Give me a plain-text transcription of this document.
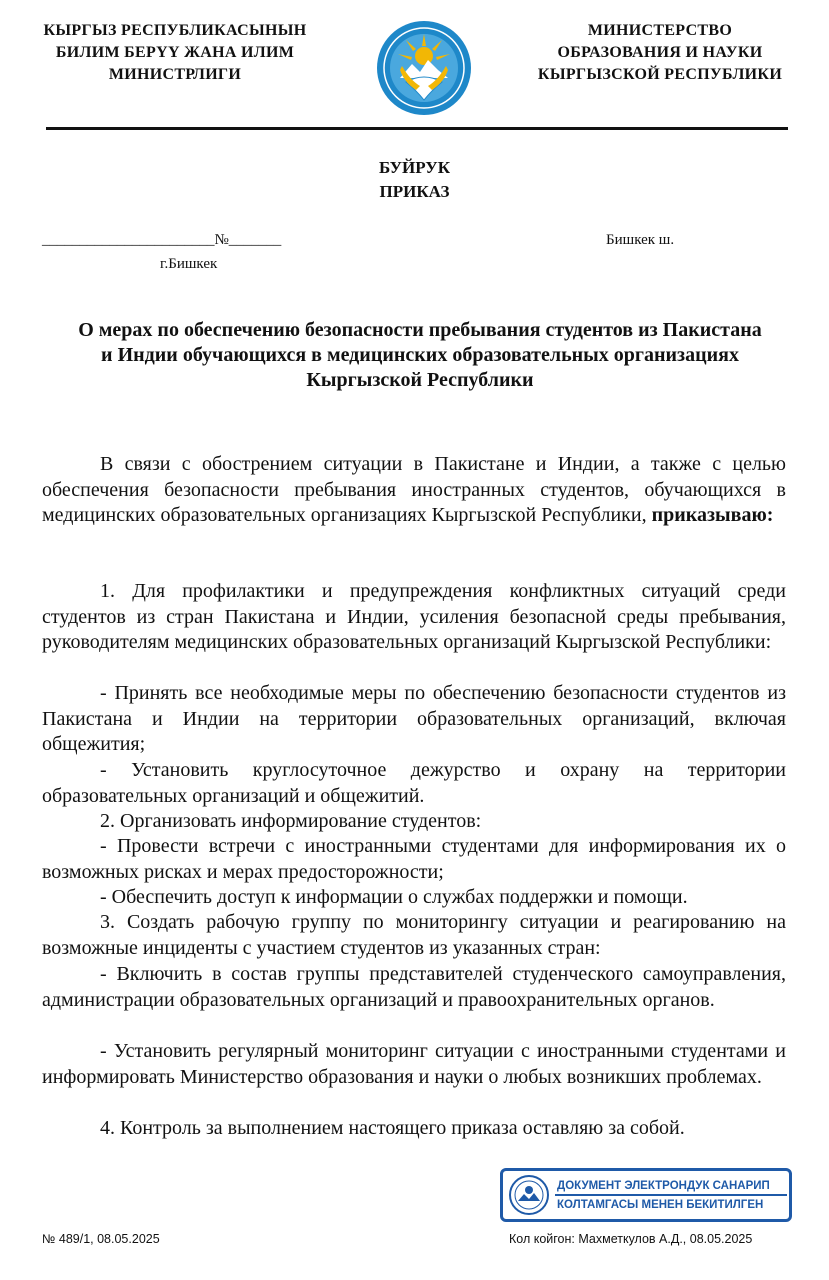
КЫРГЫЗ РЕСПУБЛИКАСЫНЫН
БИЛИМ БЕРҮҮ ЖАНА ИЛИМ
МИНИСТРЛИГИ
МИНИСТЕРСТВО
ОБРАЗОВАНИЯ И НАУКИ
КЫРГЫЗСКОЙ РЕСПУБЛИКИ
БУЙРУК
ПРИКАЗ
_______________________№_______	Бишкек ш.
г.Бишкек
О мерах по обеспечению безопасности пребывания студентов из Пакистана и Индии обучающихся в медицинских образовательных организациях Кыргызской Республики

В связи с обострением ситуации в Пакистане и Индии, а также с целью обеспечения безопасности пребывания иностранных студентов, обучающихся в медицинских образовательных организациях Кыргызской Республики, приказываю:

1. Для профилактики и предупреждения конфликтных ситуаций среди студентов из стран Пакистана и Индии, усиления безопасной среды пребывания, руководителям медицинских образовательных организаций Кыргызской Республики:

- Принять все необходимые меры по обеспечению безопасности студентов из Пакистана и Индии на территории образовательных организаций, включая общежития;

- Установить круглосуточное дежурство и охрану на территории образовательных организаций и общежитий.

2. Организовать информирование студентов:

- Провести встречи с иностранными студентами для информирования их о возможных рисках и мерах предосторожности;

- Обеспечить доступ к информации о службах поддержки и помощи.

3. Создать рабочую группу по мониторингу ситуации и реагированию на возможные инциденты с участием студентов из указанных стран:

- Включить в состав группы представителей студенческого самоуправления, администрации образовательных организаций и правоохранительных органов.

- Установить регулярный мониторинг ситуации с иностранными студентами и информировать Министерство образования и науки о любых возникших проблемах.

4. Контроль за выполнением настоящего приказа оставляю за собой.

ДОКУМЕНТ ЭЛЕКТРОНДУК САНАРИП
КОЛТАМГАСЫ МЕНЕН БЕКИТИЛГЕН
№ 489/1, 08.05.2025	Кол койгон: Махметкулов А.Д., 08.05.2025
